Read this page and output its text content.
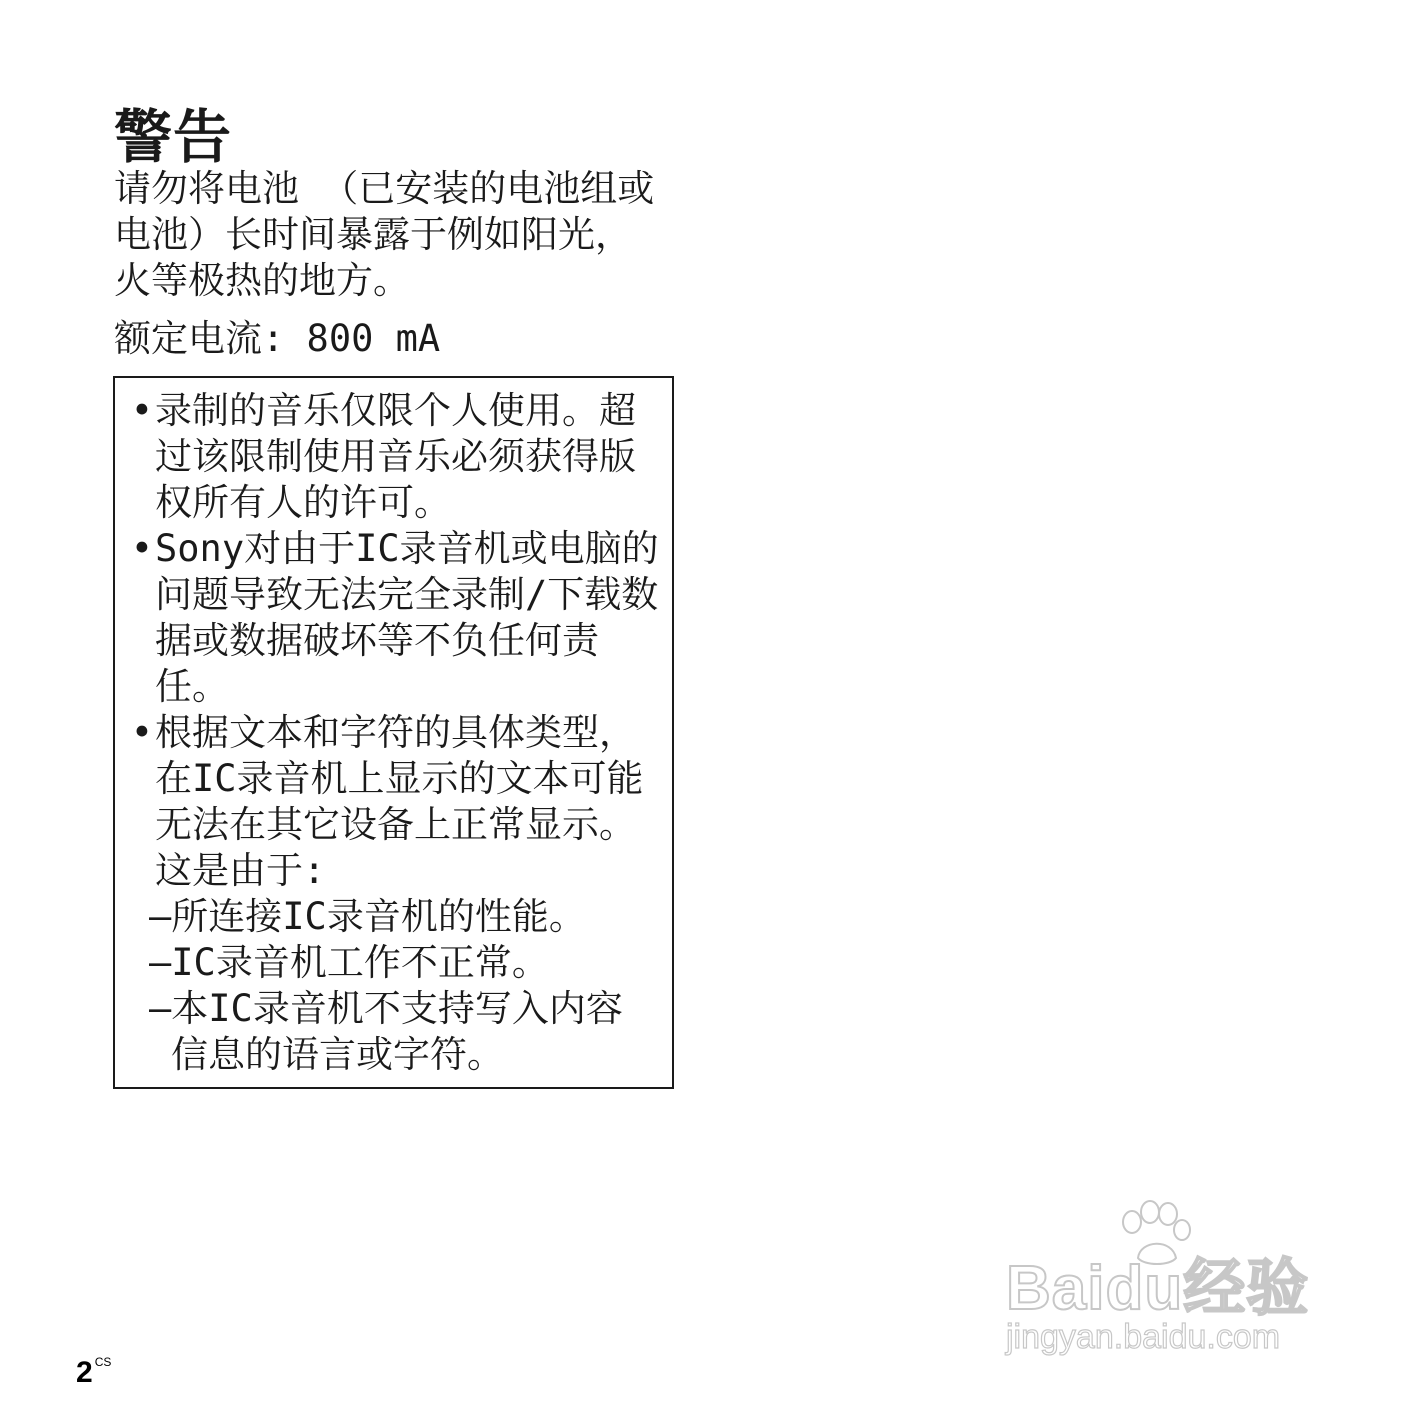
警告
请勿将电池 （已安装的电池组或
电池）长时间暴露于例如阳光，
火等极热的地方。
额定电流: 800 mA
• 录制的音乐仅限个人使用。超
过该限制使用音乐必须获得版
权所有人的许可。
• Sony对由于IC录音机或电脑的
问题导致无法完全录制/下载数
据或数据破坏等不负任何责
任。
• 根据文本和字符的具体类型，
在IC录音机上显示的文本可能
无法在其它设备上正常显示。
这是由于:
–所连接IC录音机的性能。
–IC录音机工作不正常。
–本IC录音机不支持写入内容
信息的语言或字符。
2 $^{CS}$
Baidu经验
jingyan.baidu.com
